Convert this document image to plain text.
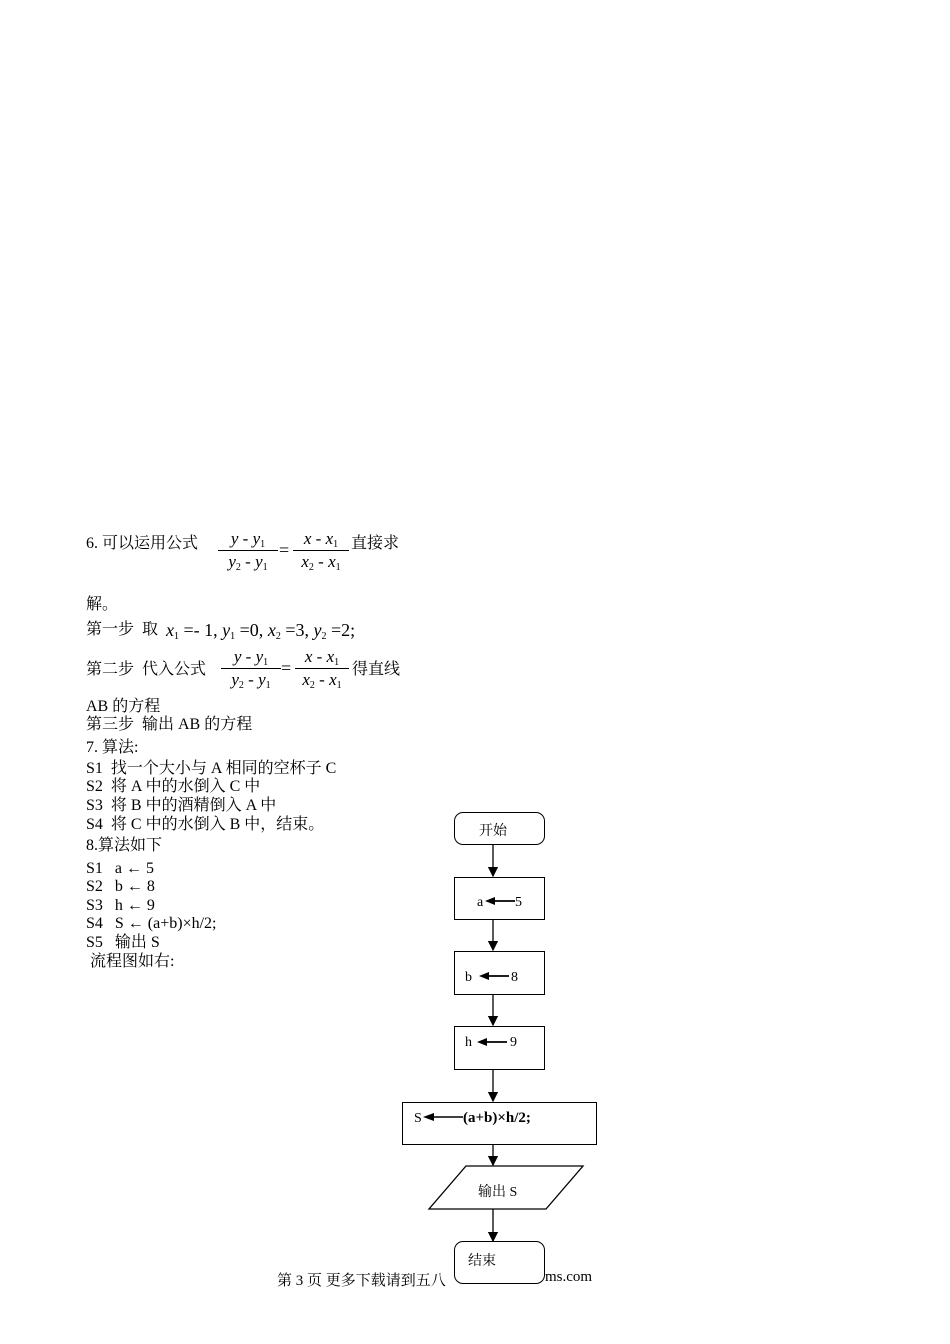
6. 可以运用公式	y - $y_1$
$y_2 - y_1$
=
x - $x_1$
$x_2 - x_1$
直接求
解。
第一步  取 $x_1 =- 1$, $y_1 =0$, $x_2 =3$, $y_2 =2$;
第二步  代入公式
y - $y_1$
$y_2 - y_1$
=
x - $x_1$
$x_2 - x_1$
得直线
AB 的方程
第三步  输出 AB 的方程
7. 算法:
S1  找一个大小与 A 相同的空杯子 C
S2  将 A 中的水倒入 C 中
S3  将 B 中的酒精倒入 A 中
S4  将 C 中的水倒入 B 中，结束。
8.算法如下
S1   a ← 5
S2   b ← 8
S3   h ← 9
S4   S ← (a+b)×h/2;
S5   输出 S
流程图如右:
开始
a 5
b	8
h	9
S	(a+b)×h/2;
输出 S
结束
第 3 页 更多下载请到五八	ms.com
